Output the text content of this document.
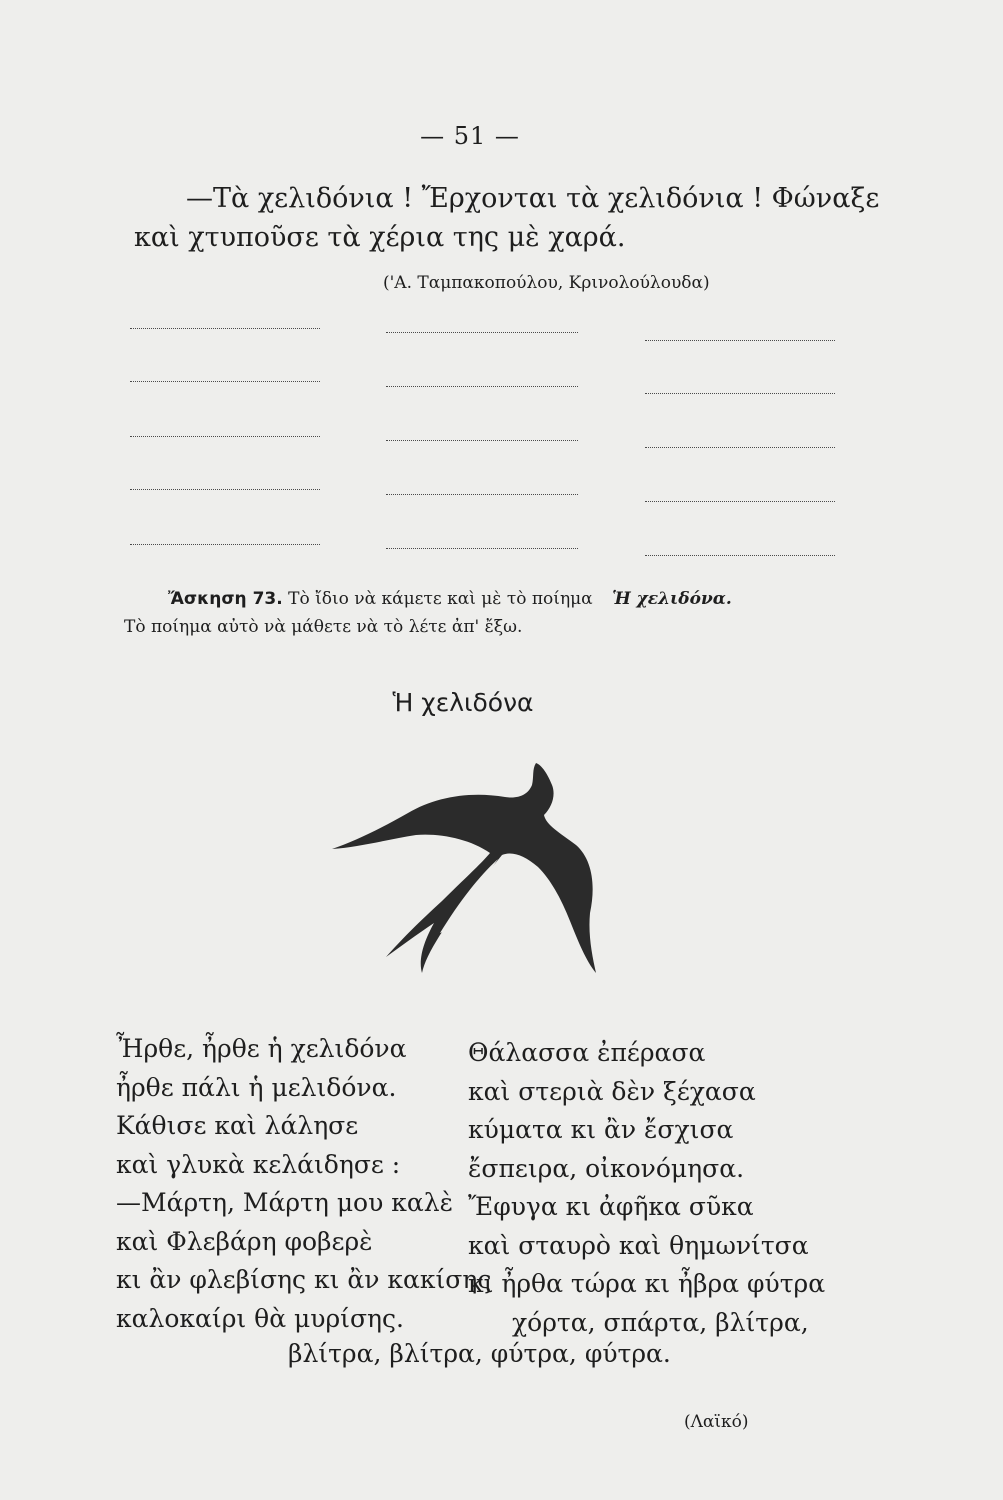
— 51 —
—Τὰ χελιδόνια ! Ἔρχονται τὰ χελιδόνια ! Φώναξε
καὶ χτυποῦσε τὰ χέρια της μὲ χαρά.
('Α. Ταμπακοπούλου, Κρινολούλουδα)
Ἄσκηση 73. Τὸ ἴδιο νὰ κάμετε καὶ μὲ τὸ ποίημα Ἡ χελιδόνα.
Τὸ ποίημα αὐτὸ νὰ μάθετε νὰ τὸ λέτε ἀπ' ἔξω.
Ἡ χελιδόνα
Ἦρθε, ἦρθε ἡ χελιδόνα
ἦρθε πάλι ἡ μελιδόνα.
Κάθισε καὶ λάλησε
καὶ γλυκὰ κελάιδησε :
—Μάρτη, Μάρτη μου καλὲ
καὶ Φλεβάρη φοβερὲ
κι ἂν φλεβίσης κι ἂν κακίσης
καλοκαίρι θὰ μυρίσης.
Θάλασσα ἐπέρασα
καὶ στεριὰ δὲν ξέχασα
κύματα κι ἂν ἔσχισα
ἔσπειρα, οἰκονόμησα.
Ἔφυγα κι ἀφῆκα σῦκα
καὶ σταυρὸ καὶ θημωνίτσα
κι ἦρθα τώρα κι ἦβρα φύτρα
χόρτα, σπάρτα, βλίτρα,
βλίτρα, βλίτρα, φύτρα, φύτρα.
(Λαϊκό)
